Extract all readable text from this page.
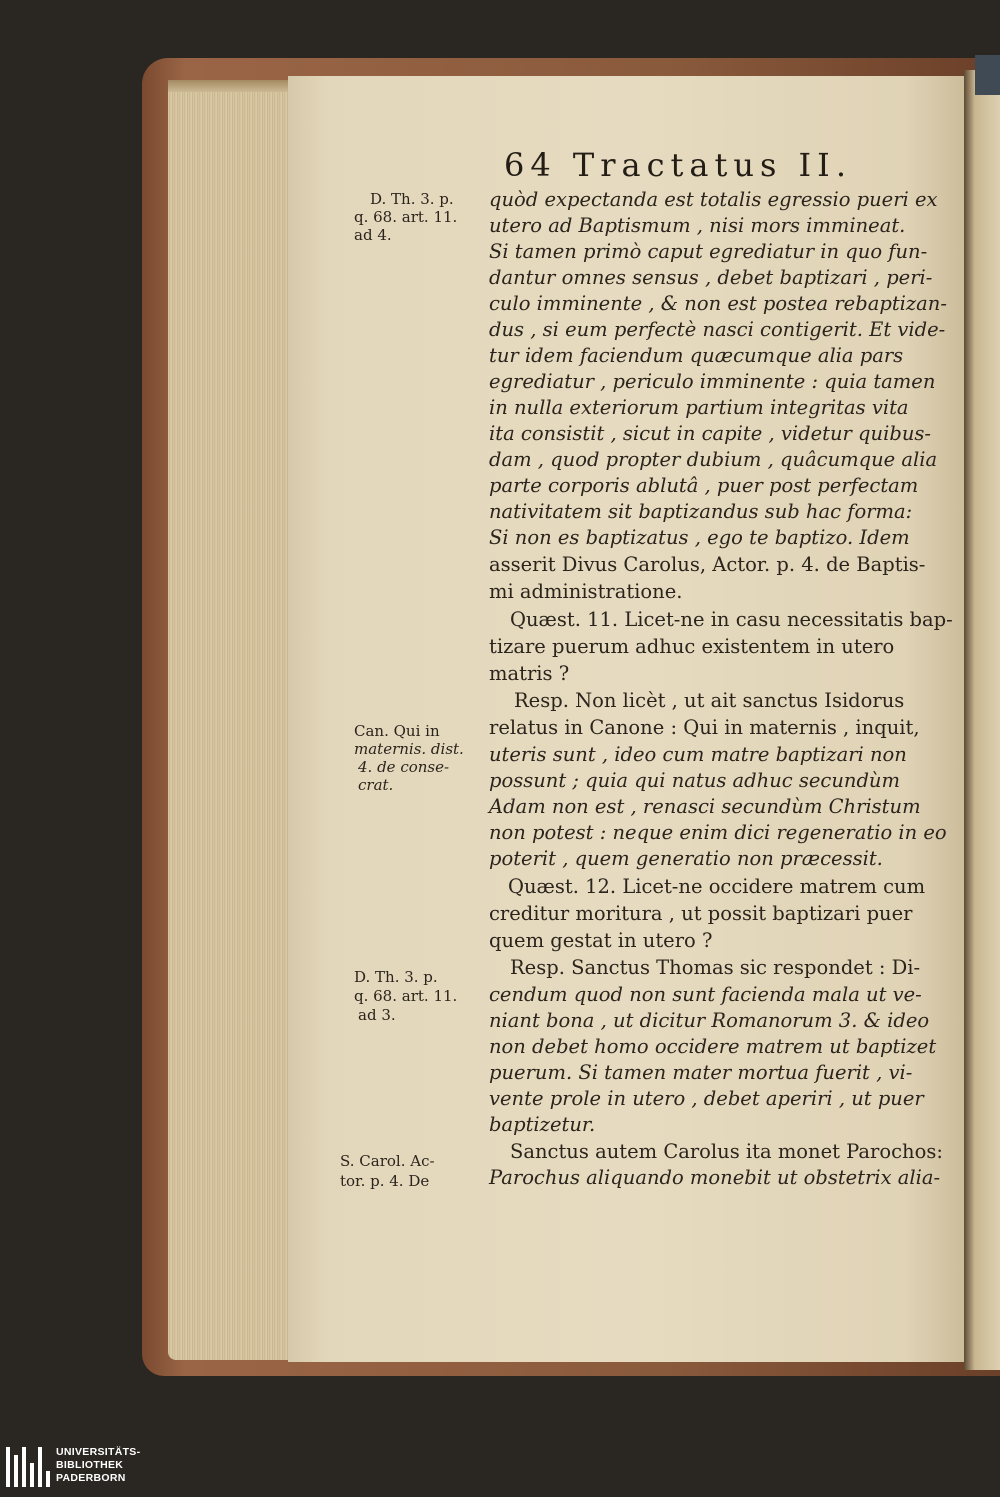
64 Tractatus II.
quòd expectanda est totalis egressio pueri ex
utero ad Baptismum , nisi mors immineat.
Si tamen primò caput egrediatur in quo fun-
dantur omnes sensus , debet baptizari , peri-
culo imminente , & non est postea rebaptizan-
dus , si eum perfectè nasci contigerit. Et vide-
tur idem faciendum quæcumque alia pars
egrediatur , periculo imminente : quia tamen
in nulla exteriorum partium integritas vita
ita consistit , sicut in capite , videtur quibus-
dam , quod propter dubium , quâcumque alia
parte corporis ablutâ , puer post perfectam
nativitatem sit baptizandus sub hac forma:
Si non es baptizatus , ego te baptizo. Idem
asserit Divus Carolus, Actor. p. 4. de Baptis-
mi administratione.
Quæst. 11. Licet-ne in casu necessitatis bap-
tizare puerum adhuc existentem in utero
matris ?
Resp. Non licèt , ut ait sanctus Isidorus
relatus in Canone : Qui in maternis , inquit,
uteris sunt , ideo cum matre baptizari non
possunt ; quia qui natus adhuc secundùm
Adam non est , renasci secundùm Christum
non potest : neque enim dici regeneratio in eo
poterit , quem generatio non præcessit.
Quæst. 12. Licet-ne occidere matrem cum
creditur moritura , ut possit baptizari puer
quem gestat in utero ?
Resp. Sanctus Thomas sic respondet : Di-
cendum quod non sunt facienda mala ut ve-
niant bona , ut dicitur Romanorum 3. & ideo
non debet homo occidere matrem ut baptizet
puerum. Si tamen mater mortua fuerit , vi-
vente prole in utero , debet aperiri , ut puer
baptizetur.
Sanctus autem Carolus ita monet Parochos:
Parochus aliquando monebit ut obstetrix alia-
D. Th. 3. p.
q. 68. art. 11.
ad 4.
Can. Qui in
maternis. dist.
4. de conse-
crat.
D. Th. 3. p.
q. 68. art. 11.
ad 3.
S. Carol. Ac-
tor. p. 4. De
UNIVERSITÄTS-
BIBLIOTHEK
PADERBORN
